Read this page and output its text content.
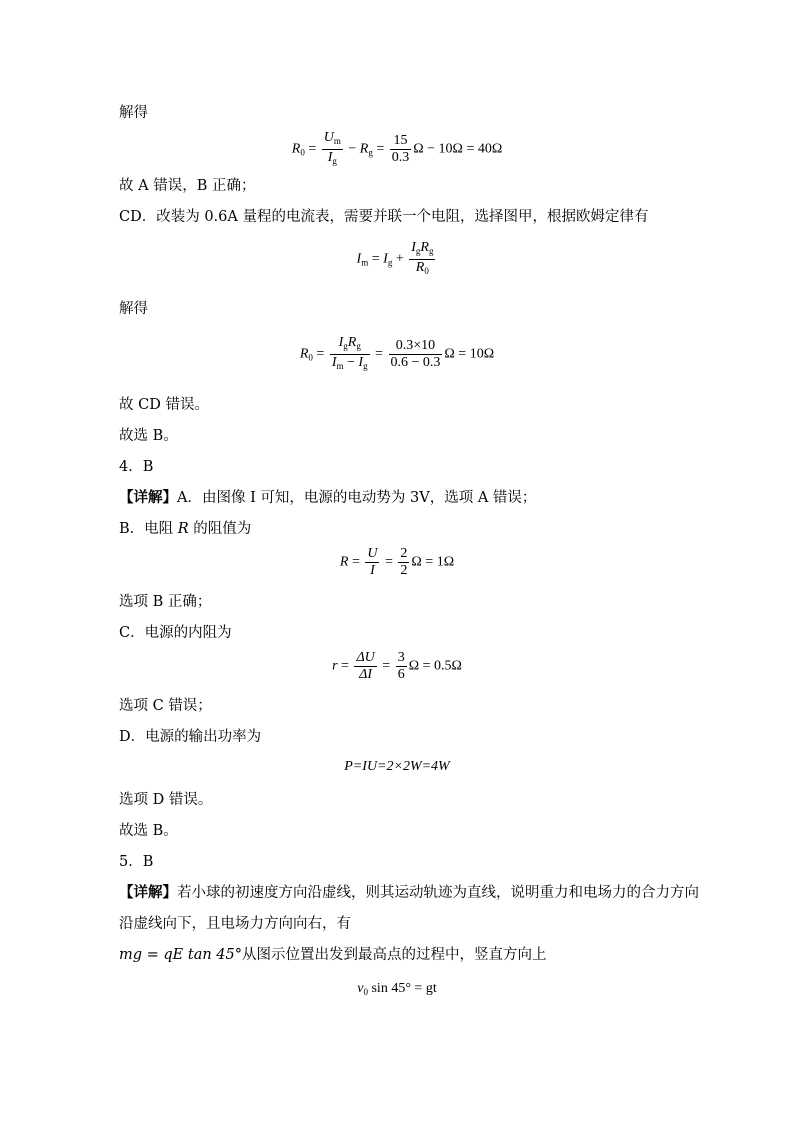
解得
$R_0 = \frac{U_m}{I_g} - R_g = \frac{15}{0.3}$ Ω − 10Ω = 40Ω
故 A 错误，B 正确；
CD．改装为 0.6A 量程的电流表，需要并联一个电阻，选择图甲，根据欧姆定律有
$I_m = I_g + \frac{I_gR_g}{R_0}$
解得
$R_0 = \frac{I_gR_g}{I_m - I_g} = \frac{0.3\times 10}{0.6 - 0.3}$ Ω = 10Ω
故 CD 错误。
故选 B。
4．B
【详解】A．由图像 I 可知，电源的电动势为 3V，选项 A 错误；
B．电阻 R 的阻值为
$R = \frac{U}{I} = \frac{2}{2}$ Ω = 1Ω
选项 B 正确；
C．电源的内阻为
$r = \frac{\Delta U}{\Delta I} = \frac{3}{6}$ Ω = 0.5Ω
选项 C 错误；
D．电源的输出功率为
P=IU=2×2W=4W
选项 D 错误。
故选 B。
5．B
【详解】若小球的初速度方向沿虚线，则其运动轨迹为直线，说明重力和电场力的合力方向
沿虚线向下，且电场力方向向右，有
mg = qE tan 45°从图示位置出发到最高点的过程中，竖直方向上
$v_0$ sin 45° = gt
